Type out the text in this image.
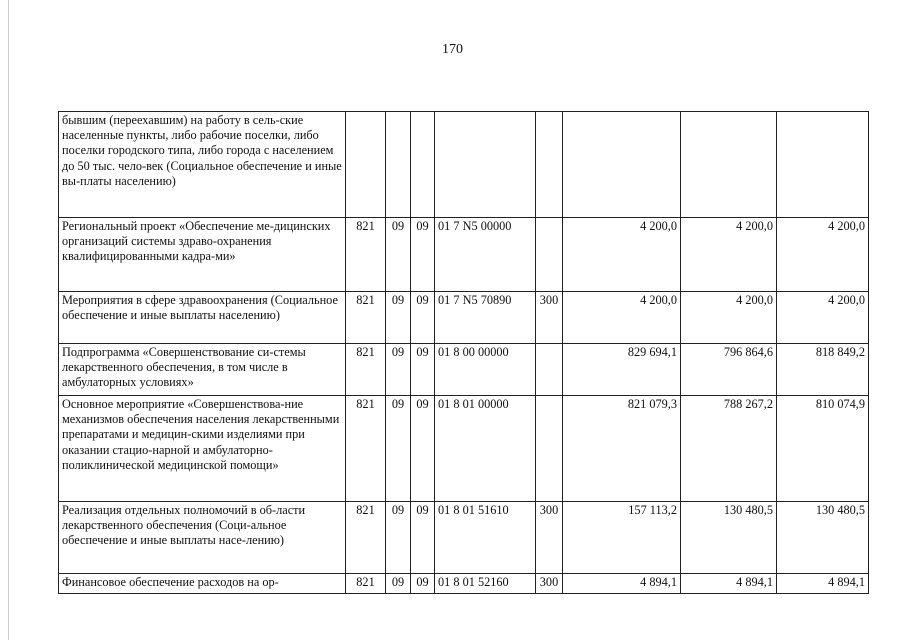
170
бывшим (переехавшим) на работу в сель-ские населенные пункты, либо рабочие поселки, либо поселки городского типа, либо города с населением до 50 тыс. чело-век (Социальное обеспечение и иные вы-платы населению)								
Региональный проект «Обеспечение ме-дицинских организаций системы здраво-охранения квалифицированными кадра-ми»	821	09	09	01 7 N5 00000		4 200,0	4 200,0	4 200,0
Мероприятия в сфере здравоохранения (Социальное обеспечение и иные выплаты населению)	821	09	09	01 7 N5 70890	300	4 200,0	4 200,0	4 200,0
Подпрограмма «Совершенствование си-стемы лекарственного обеспечения, в том числе в амбулаторных условиях»	821	09	09	01 8 00 00000		829 694,1	796 864,6	818 849,2
Основное мероприятие «Совершенствова-ние механизмов обеспечения населения лекарственными препаратами и медицин-скими изделиями при оказании стацио-нарной и амбулаторно-поликлинической медицинской помощи»	821	09	09	01 8 01 00000		821 079,3	788 267,2	810 074,9
Реализация отдельных полномочий в об-ласти лекарственного обеспечения (Соци-альное обеспечение и иные выплаты насе-лению)	821	09	09	01 8 01 51610	300	157 113,2	130 480,5	130 480,5
Финансовое обеспечение расходов на ор-	821	09	09	01 8 01 52160	300	4 894,1	4 894,1	4 894,1
